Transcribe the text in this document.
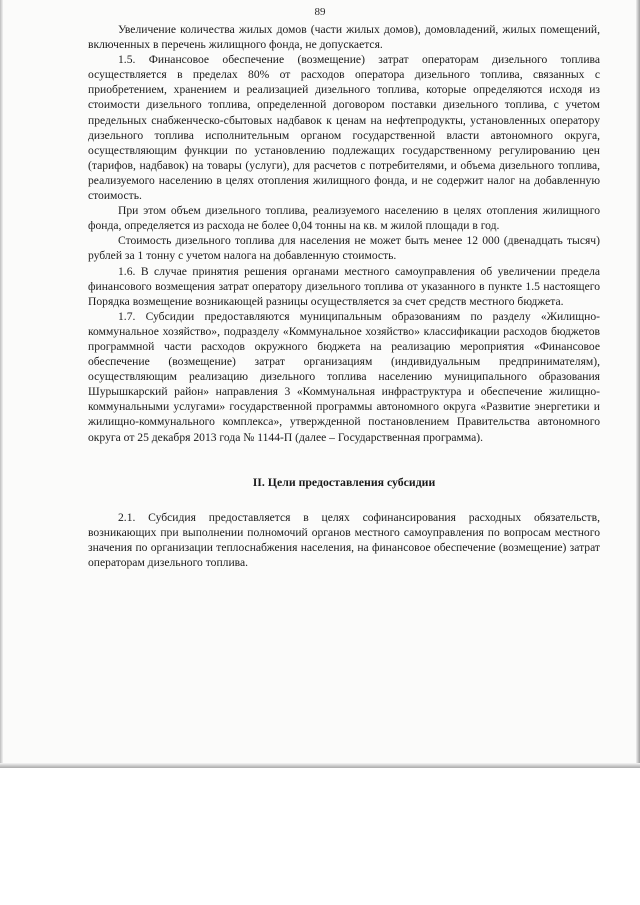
89

Увеличение количества жилых домов (части жилых домов), домовладений, жилых помещений, включенных в перечень жилищного фонда, не допускается.

1.5. Финансовое обеспечение (возмещение) затрат операторам дизельного топлива осуществляется в пределах 80% от расходов оператора дизельного топлива, связанных с приобретением, хранением и реализацией дизельного топлива, которые определяются исходя из стоимости дизельного топлива, определенной договором поставки дизельного топлива, с учетом предельных снабженческо-сбытовых надбавок к ценам на нефтепродукты, установленных оператору дизельного топлива исполнительным органом государственной власти автономного округа, осуществляющим функции по установлению подлежащих государственному регулированию цен (тарифов, надбавок) на товары (услуги), для расчетов с потребителями, и объема дизельного топлива, реализуемого населению в целях отопления жилищного фонда, и не содержит налог на добавленную стоимость.

При этом объем дизельного топлива, реализуемого населению в целях отопления жилищного фонда, определяется из расхода не более 0,04 тонны на кв. м жилой площади в год.

Стоимость дизельного топлива для населения не может быть менее 12 000 (двенадцать тысяч) рублей за 1 тонну с учетом налога на добавленную стоимость.

1.6. В случае принятия решения органами местного самоуправления об увеличении предела финансового возмещения затрат оператору дизельного топлива от указанного в пункте 1.5 настоящего Порядка возмещение возникающей разницы осуществляется за счет средств местного бюджета.

1.7. Субсидии предоставляются муниципальным образованиям по разделу «Жилищно-коммунальное хозяйство», подразделу «Коммунальное хозяйство» классификации расходов бюджетов программной части расходов окружного бюджета на реализацию мероприятия «Финансовое обеспечение (возмещение) затрат организациям (индивидуальным предпринимателям), осуществляющим реализацию дизельного топлива населению муниципального образования Шурышкарский район» направления 3 «Коммунальная инфраструктура и обеспечение жилищно-коммунальными услугами» государственной программы автономного округа «Развитие энергетики и жилищно-коммунального комплекса», утвержденной постановлением Правительства автономного округа от 25 декабря 2013 года № 1144-П (далее – Государственная программа).

II. Цели предоставления субсидии

2.1. Субсидия предоставляется в целях софинансирования расходных обязательств, возникающих при выполнении полномочий органов местного самоуправления по вопросам местного значения по организации теплоснабжения населения, на финансовое обеспечение (возмещение) затрат операторам дизельного топлива.
